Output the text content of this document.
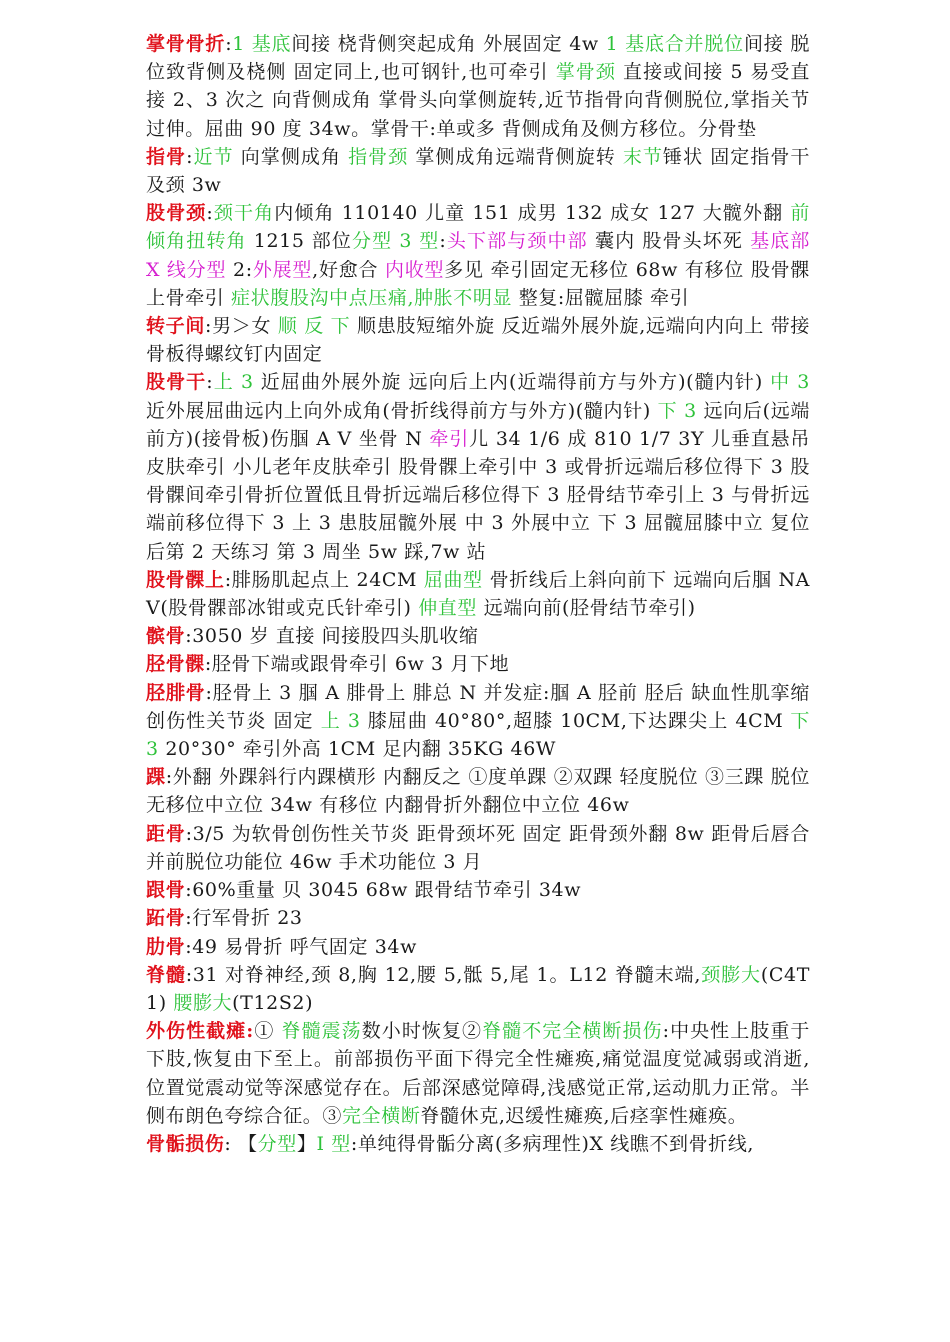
掌骨骨折:1 基底间接 桡背侧突起成角 外展固定 4w 1 基底合并脱位间接 脱位致背侧及桡侧 固定同上,也可钢针,也可牵引 掌骨颈 直接或间接 5 易受直接 2、3 次之 向背侧成角 掌骨头向掌侧旋转,近节指骨向背侧脱位,掌指关节过伸。屈曲 90 度 34w。掌骨干:单或多 背侧成角及侧方移位。分骨垫

指骨:近节 向掌侧成角 指骨颈 掌侧成角远端背侧旋转 末节锤状 固定指骨干及颈 3w

股骨颈:颈干角内倾角 110140 儿童 151 成男 132 成女 127 大髋外翻 前倾角扭转角 1215 部位分型 3 型:头下部与颈中部 囊内 股骨头坏死 基底部 X 线分型 2:外展型,好愈合 内收型多见 牵引固定无移位 68w 有移位 股骨髁上骨牵引 症状腹股沟中点压痛,肿胀不明显 整复:屈髋屈膝 牵引

转子间:男＞女 顺 反 下 顺患肢短缩外旋 反近端外展外旋,远端向内向上 带接骨板得螺纹钉内固定

股骨干:上 3 近屈曲外展外旋 远向后上内(近端得前方与外方)(髓内针) 中 3 近外展屈曲远内上向外成角(骨折线得前方与外方)(髓内针) 下 3 远向后(远端前方)(接骨板)伤腘 A V 坐骨 N 牵引儿 34 1/6 成 810 1/7 3Y 儿垂直悬吊皮肤牵引 小儿老年皮肤牵引 股骨髁上牵引中 3 或骨折远端后移位得下 3 股骨髁间牵引骨折位置低且骨折远端后移位得下 3 胫骨结节牵引上 3 与骨折远端前移位得下 3 上 3 患肢屈髋外展 中 3 外展中立 下 3 屈髋屈膝中立 复位后第 2 天练习 第 3 周坐 5w 踩,7w 站

股骨髁上:腓肠肌起点上 24CM 屈曲型 骨折线后上斜向前下 远端向后腘 NAV(股骨髁部冰钳或克氏针牵引) 伸直型 远端向前(胫骨结节牵引)

髌骨:3050 岁 直接 间接股四头肌收缩

胫骨髁:胫骨下端或跟骨牵引 6w 3 月下地

胫腓骨:胫骨上 3 腘 A 腓骨上 腓总 N 并发症:腘 A 胫前 胫后 缺血性肌挛缩 创伤性关节炎 固定 上 3 膝屈曲 40°80°,超膝 10CM,下达踝尖上 4CM 下 3 20°30° 牵引外高 1CM 足内翻 35KG 46W

踝:外翻 外踝斜行内踝横形 内翻反之 ①度单踝 ②双踝 轻度脱位 ③三踝 脱位 无移位中立位 34w 有移位 内翻骨折外翻位中立位 46w

距骨:3/5 为软骨创伤性关节炎 距骨颈坏死 固定 距骨颈外翻 8w 距骨后唇合并前脱位功能位 46w 手术功能位 3 月

跟骨:60%重量 贝 3045 68w 跟骨结节牵引 34w

跖骨:行军骨折 23

肋骨:49 易骨折 呼气固定 34w

脊髓:31 对脊神经,颈 8,胸 12,腰 5,骶 5,尾 1。L12 脊髓末端,颈膨大(C4T1) 腰膨大(T12S2)

外伤性截瘫:① 脊髓震荡数小时恢复②脊髓不完全横断损伤:中央性上肢重于下肢,恢复由下至上。前部损伤平面下得完全性瘫痪,痛觉温度觉减弱或消逝,位置觉震动觉等深感觉存在。后部深感觉障碍,浅感觉正常,运动肌力正常。半侧布朗色夸综合征。③完全横断脊髓休克,迟缓性瘫痪,后痉挛性瘫痪。

骨骺损伤: 【分型】I 型:单纯得骨骺分离(多病理性)X 线瞧不到骨折线,
